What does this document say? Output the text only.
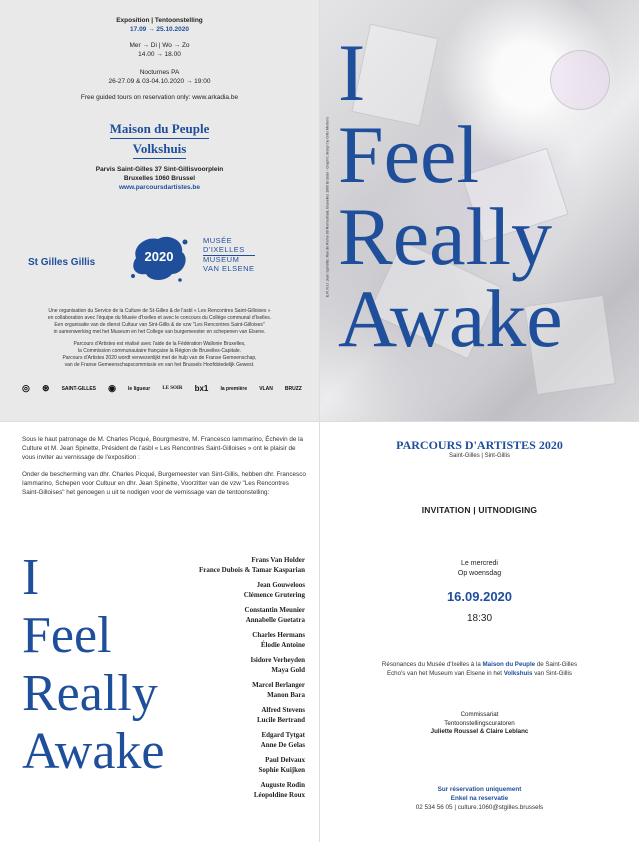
Exposition | Tentoonstelling
17.09 → 25.10.2020
Mer → Di | Wo → Zo
14.00 → 18.00
Nocturnes PA
26-27.09 & 03-04.10.2020 → 19:00
Free guided tours on reservation only: www.arkadia.be
Maison du Peuple
Volkshuis
Parvis Saint-Gilles 37 Sint-Gillisvoorplein
Bruxelles 1060 Brussel
www.parcoursdartistes.be
St Gilles Gillis	2020
MUSÉE
D'IXELLES
MUSEUM
VAN ELSENE
Une organisation du Service de la Culture de St-Gilles & de l'asbl « Les Rencontres Saint-Gilloises »
en collaboration avec l'équipe du Musée d'Ixelles et avec le concours du Collège communal d'Ixelles.
Een organisatie van de dienst Cultuur van Sint-Gillis & de vzw "Les Rencontres Saint-Gilloises"
in samenwerking met het Museum en het College van burgemeester en schepenen van Elsene.
Parcours d'Artistes est réalisé avec l'aide de la Fédération Wallonie Bruxelles,
la Commission communautaire française la Région de Bruxelles-Capitale.
Parcours d'Artistes 2020 wordt verwezenlijkt met de hulp van de Franse Gemeenschap,
van de Franse Gemeenschapscommissie en van het Brussels Hoofdstedelijk Gewest.
◎ ⊛ SAINT-GILLES ◉ le ligueur LE SOIR bx1 la première VLAN BRUZZ
I
Feel
Really
Awake
E.R./V.U. Jean Spinette, Rue de Rome 69 Romestraat, Bruxelles 1060 Brussel - Graphic design by Gillis Mertens

Sous le haut patronage de M. Charles Picqué, Bourgmestre, M. Francesco Iammarino, Échevin de la Culture et M. Jean Spinette, Président de l'asbl « Les Rencontres Saint-Gilloises » ont le plaisir de vous inviter au vernissage de l'exposition :

Onder de bescherming van dhr. Charles Picqué, Burgemeester van Sint-Gillis, hebben dhr. Francesco Iammarino, Schepen voor Cultuur en dhr. Jean Spinette, Voorzitter van de vzw "Les Rencontres Saint-Gilloises" het genoegen u uit te nodigen voor de vernissage van de tentoonstelling:

I
Feel
Really
Awake
Frans Van Holder
France Dubois & Tamar Kasparian
Jean Gouweloos
Clémence Grutering
Constantin Meunier
Annabelle Guetatra
Charles Hermans
Élodie Antoine
Isidore Verheyden
Maya Gold
Marcel Berlanger
Manon Bara
Alfred Stevens
Lucile Bertrand
Edgard Tytgat
Anne De Gelas
Paul Delvaux
Sophie Kuijken
Auguste Rodin
Léopoldine Roux
PARCOURS D'ARTISTES 2020
Saint-Gilles | Sint-Gillis
INVITATION | UITNODIGING
Le mercredi
Op woensdag
16.09.2020
18:30
Résonances du Musée d'Ixelles à la Maison du Peuple de Saint-Gilles
Echo's van het Museum van Elsene in het Volkshuis van Sint-Gillis
Commissariat
Tentoonstellingscuratoren
Juliette Roussel & Claire Leblanc
Sur réservation uniquement
Enkel na reservatie
02 534 56 05 | culture.1060@stgilles.brussels
